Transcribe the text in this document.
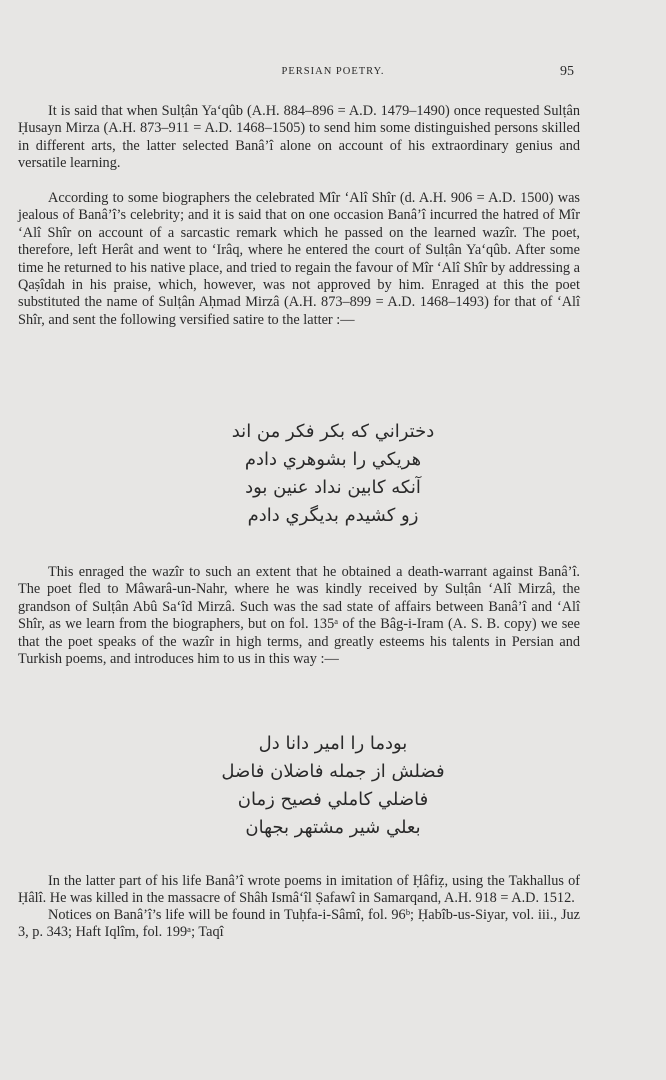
PERSIAN POETRY.	95

It is said that when Sulṭân Ya‘qûb (A.H. 884–896 = A.D. 1479–1490) once requested Sulṭân Ḥusayn Mirza (A.H. 873–911 = A.D. 1468–1505) to send him some distinguished persons skilled in different arts, the latter selected Banâ’î alone on account of his extraordinary genius and versatile learning.

According to some biographers the celebrated Mîr ‘Alî Shîr (d. A.H. 906 = A.D. 1500) was jealous of Banâ’î’s celebrity; and it is said that on one occasion Banâ’î incurred the hatred of Mîr ‘Alî Shîr on account of a sarcastic remark which he passed on the learned wazîr. The poet, therefore, left Herât and went to ‘Irâq, where he entered the court of Sulṭân Ya‘qûb. After some time he returned to his native place, and tried to regain the favour of Mîr ‘Alî Shîr by addressing a Qaṣîdah in his praise, which, however, was not approved by him. Enraged at this the poet substituted the name of Sulṭân Aḥmad Mirzâ (A.H. 873–899 = A.D. 1468–1493) for that of ‘Alî Shîr, and sent the following versified satire to the latter :—

دختراني كه بكر فكر من اند
هريكي را بشوهري دادم
آنكه كابين نداد عنين بود
زو كشيدم بديگري دادم

This enraged the wazîr to such an extent that he obtained a death-warrant against Banâ’î. The poet fled to Mâwarâ-un-Nahr, where he was kindly received by Sulṭân ‘Alî Mirzâ, the grandson of Sulṭân Abû Sa‘îd Mirzâ. Such was the sad state of affairs between Banâ’î and ‘Alî Shîr, as we learn from the biographers, but on fol. 135ᵃ of the Bâg-i-Iram (A. S. B. copy) we see that the poet speaks of the wazîr in high terms, and greatly esteems his talents in Persian and Turkish poems, and introduces him to us in this way :—

بودما را امير دانا دل
فضلش از جمله فاضلان فاضل
فاضلي كاملي فصيح زمان
بعلي شير مشتهر بجهان

In the latter part of his life Banâ’î wrote poems in imitation of Ḥâfiẓ, using the Takhallus of Ḥâlî. He was killed in the massacre of Shâh Ismâ‘îl Ṣafawî in Samarqand, A.H. 918 = A.D. 1512.

Notices on Banâ’î’s life will be found in Tuḥfa-i-Sâmî, fol. 96ᵇ; Ḥabîb-us-Siyar, vol. iii., Juz 3, p. 343; Haft Iqlîm, fol. 199ᵃ; Taqî
